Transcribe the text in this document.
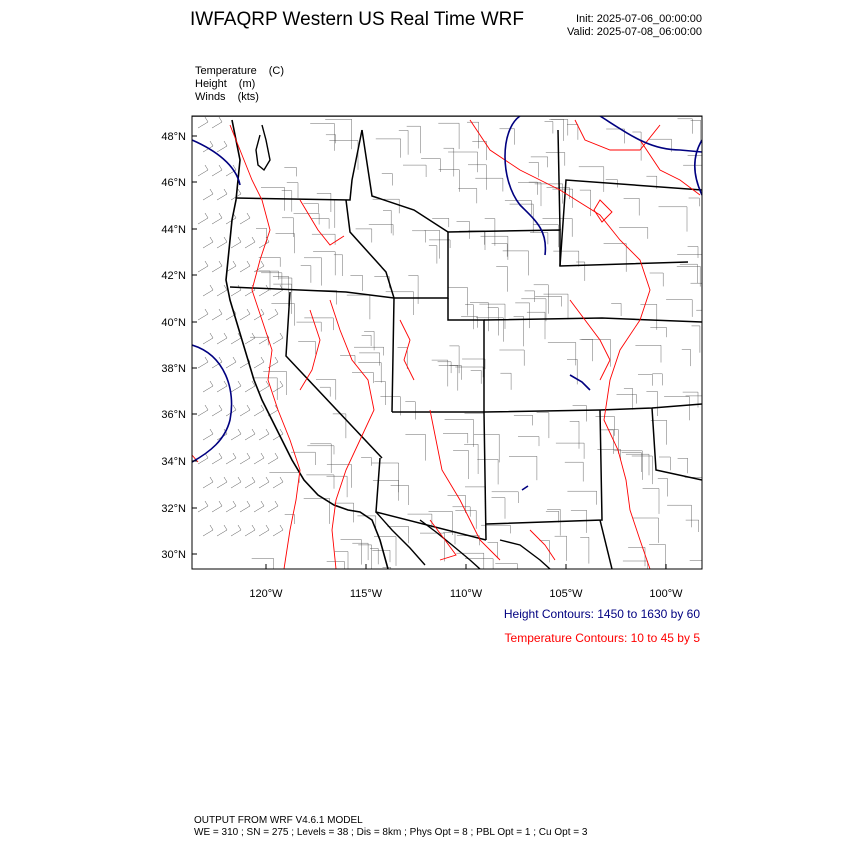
48°N
46°N
44°N
42°N
40°N
38°N
36°N
34°N
32°N
30°N
120°W	115°W	110°W	105°W	100°W
IWFAQRP Western US Real Time WRF	Init: 2025-07-06_00:00:00
Valid: 2025-07-08_06:00:00
Temperature (C)
Height (m)
Winds (kts)
Height Contours: 1450 to 1630 by 60
Temperature Contours: 10 to 45 by 5
OUTPUT FROM WRF V4.6.1 MODEL
WE = 310 ; SN = 275 ; Levels = 38 ; Dis = 8km ; Phys Opt = 8 ; PBL Opt = 1 ; Cu Opt = 3
